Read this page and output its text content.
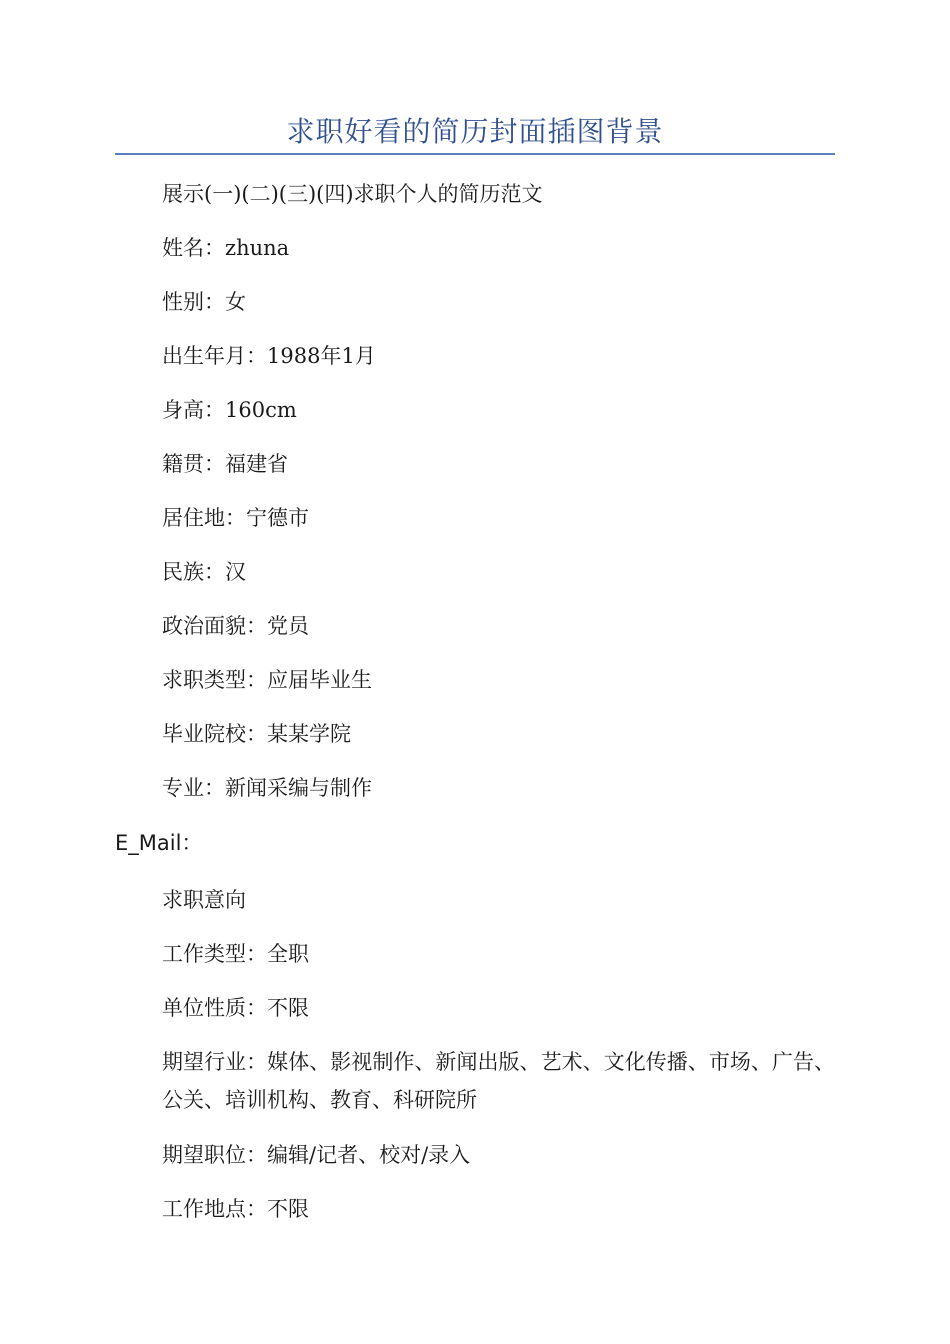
求职好看的简历封面插图背景
展示(一)(二)(三)(四)求职个人的简历范文
姓名：zhuna
性别：女
出生年月：1988年1月
身高：160cm
籍贯：福建省
居住地：宁德市
民族：汉
政治面貌：党员
求职类型：应届毕业生
毕业院校：某某学院
专业：新闻采编与制作
E_Mail：
求职意向
工作类型：全职
单位性质：不限
期望行业：媒体、影视制作、新闻出版、艺术、文化传播、市场、广告、公关、培训机构、教育、科研院所
期望职位：编辑/记者、校对/录入
工作地点：不限
